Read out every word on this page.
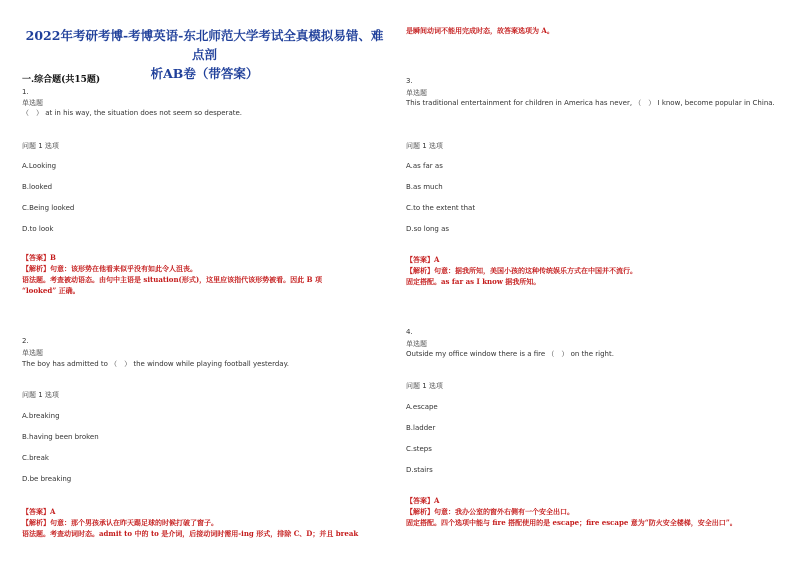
2022年考研考博-考博英语-东北师范大学考试全真模拟易错、难点剖
析AB卷（带答案）
一.综合题(共15题)
1.
单选题
（　） at in his way, the situation does not seem so desperate.
问题 1 选项
A.Looking
B.looked
C.Being looked
D.to look
【答案】B
【解析】句意：该形势在他看来似乎没有如此令人沮丧。
语法题。考查被动语态。由句中主语是 situation(形式)，这里应该指代该形势被看。因此 B 项
“looked” 正确。
2.
单选题
The boy has admitted to （　） the window while playing football yesterday.
问题 1 选项
A.breaking
B.having been broken
C.break
D.be breaking
【答案】A
【解析】句意：那个男孩承认在昨天踢足球的时候打破了窗子。
语法题。考查动词时态。admit to 中的 to 是介词，后接动词时需用-ing 形式，排除 C、D；并且 break
是瞬间动词不能用完成时态，故答案选项为 A。
3.
单选题
This traditional entertainment for children in America has never, （　） I know, become popular in China.
问题 1 选项
A.as far as
B.as much
C.to the extent that
D.so long as
【答案】A
【解析】句意：据我所知，美国小孩的这种传统娱乐方式在中国并不流行。
固定搭配。as far as I know 据我所知。
4.
单选题
Outside my office window there is a fire （　） on the right.
问题 1 选项
A.escape
B.ladder
C.steps
D.stairs
【答案】A
【解析】句意：我办公室的窗外右侧有一个安全出口。
固定搭配。四个选项中能与 fire 搭配使用的是 escape；fire escape 意为“防火安全楼梯，安全出口”。
